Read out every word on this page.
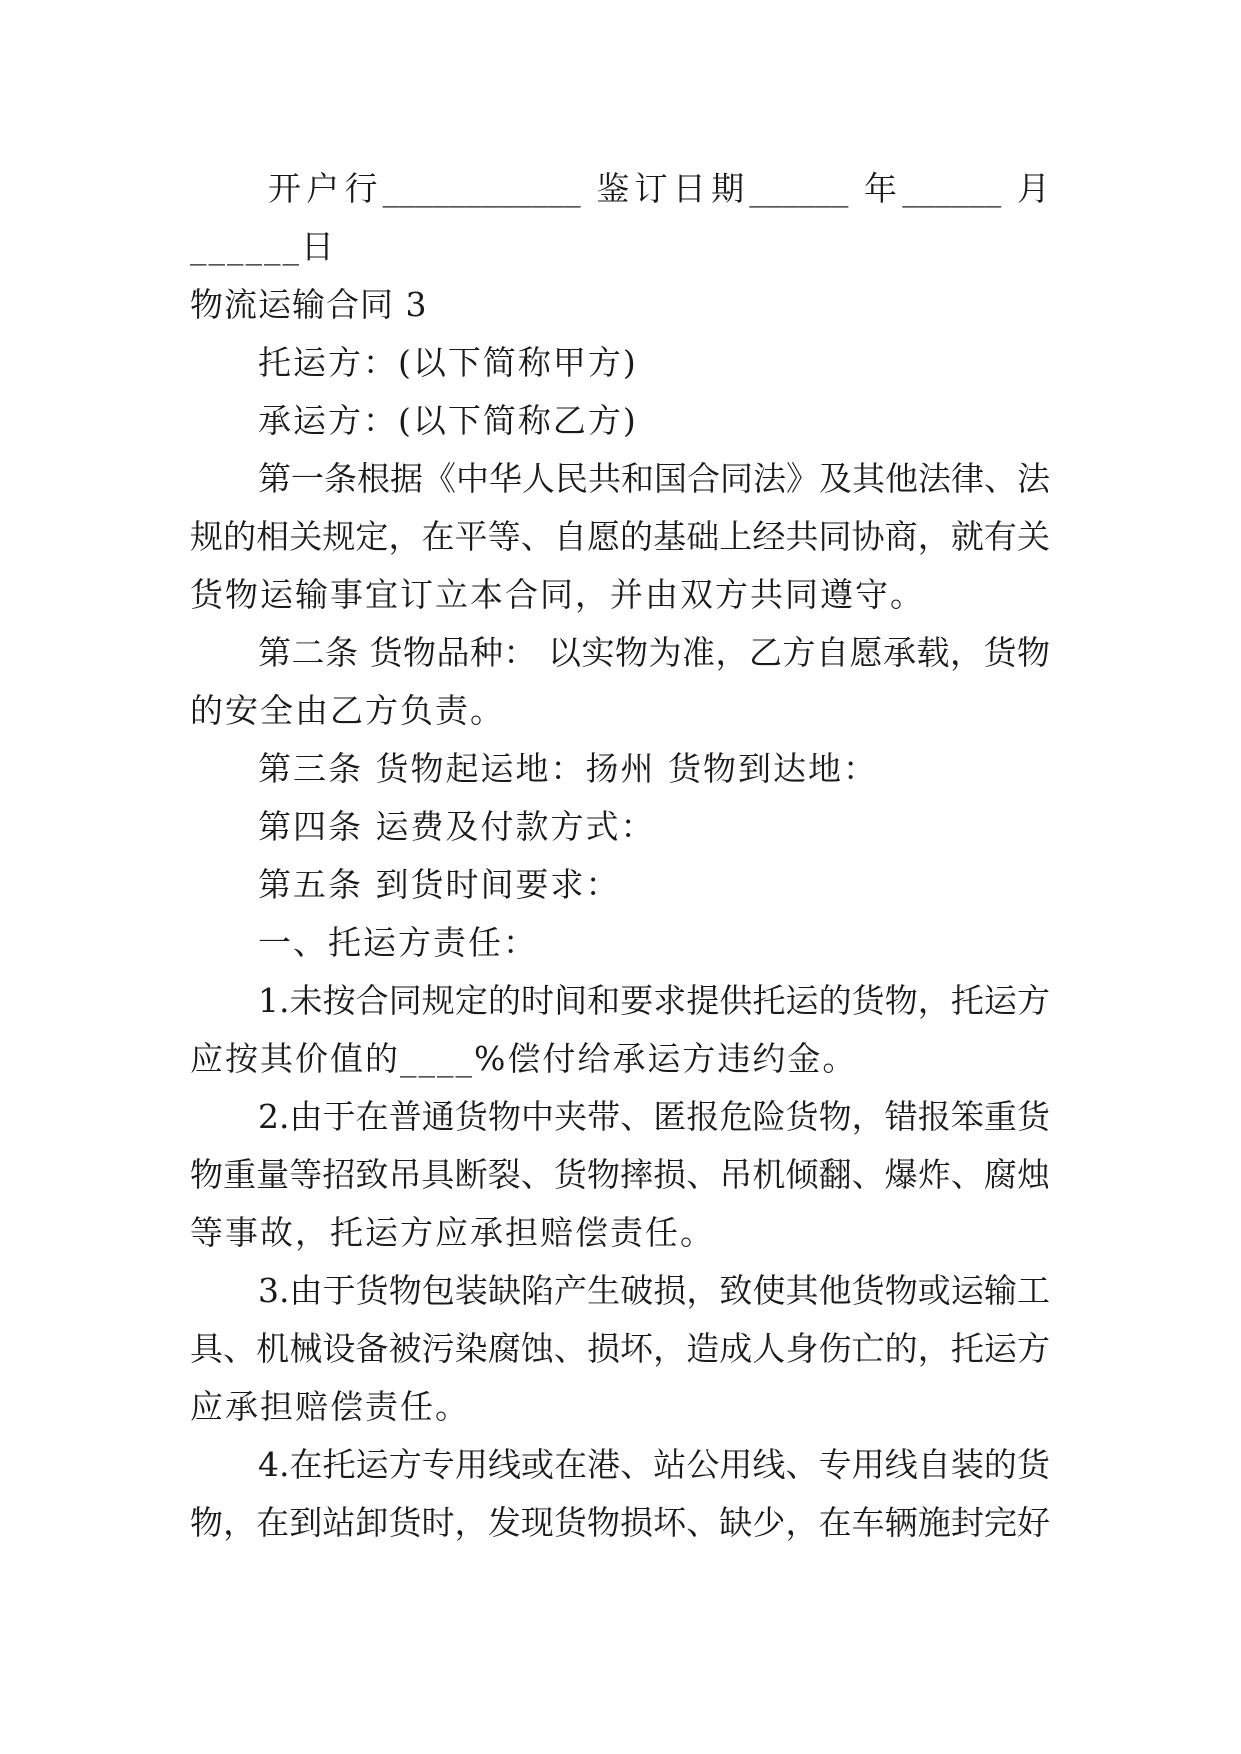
开户行____________ 鉴订日期______ 年______ 月
______日
物流运输合同 3
托运方：(以下简称甲方)
承运方：(以下简称乙方)
第一条根据《中华人民共和国合同法》及其他法律、法
规的相关规定，在平等、自愿的基础上经共同协商，就有关
货物运输事宜订立本合同，并由双方共同遵守。
第二条 货物品种： 以实物为准，乙方自愿承载，货物
的安全由乙方负责。
第三条 货物起运地：扬州 货物到达地：
第四条 运费及付款方式：
第五条 到货时间要求：
一、托运方责任：
1.未按合同规定的时间和要求提供托运的货物，托运方
应按其价值的____%偿付给承运方违约金。
2.由于在普通货物中夹带、匿报危险货物，错报笨重货
物重量等招致吊具断裂、货物摔损、吊机倾翻、爆炸、腐烛
等事故，托运方应承担赔偿责任。
3.由于货物包装缺陷产生破损，致使其他货物或运输工
具、机械设备被污染腐蚀、损坏，造成人身伤亡的，托运方
应承担赔偿责任。
4.在托运方专用线或在港、站公用线、专用线自装的货
物，在到站卸货时，发现货物损坏、缺少，在车辆施封完好
